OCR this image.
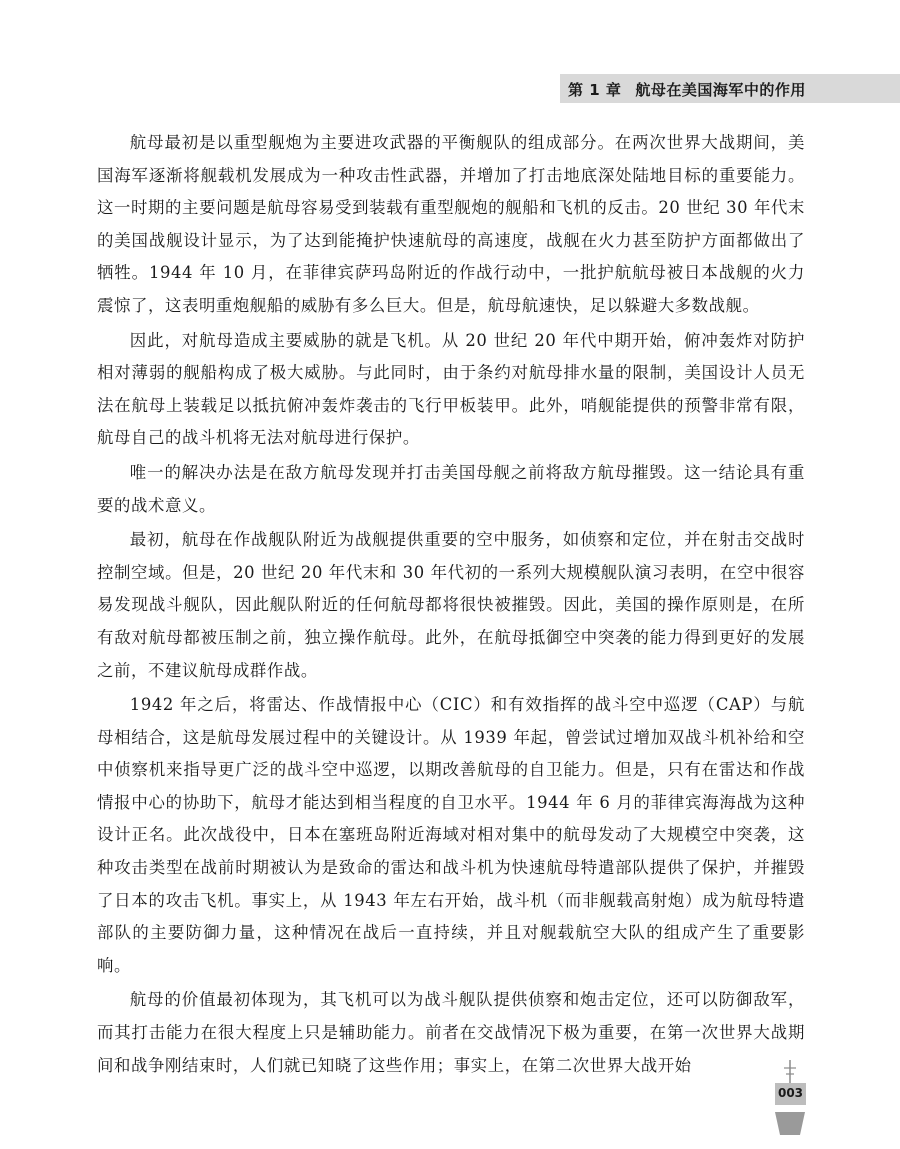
第 1 章 航母在美国海军中的作用

航母最初是以重型舰炮为主要进攻武器的平衡舰队的组成部分。在两次世界大战期间，美国海军逐渐将舰载机发展成为一种攻击性武器，并增加了打击地底深处陆地目标的重要能力。这一时期的主要问题是航母容易受到装载有重型舰炮的舰船和飞机的反击。20 世纪 30 年代末的美国战舰设计显示，为了达到能掩护快速航母的高速度，战舰在火力甚至防护方面都做出了牺牲。1944 年 10 月，在菲律宾萨玛岛附近的作战行动中，一批护航航母被日本战舰的火力震惊了，这表明重炮舰船的威胁有多么巨大。但是，航母航速快，足以躲避大多数战舰。

因此，对航母造成主要威胁的就是飞机。从 20 世纪 20 年代中期开始，俯冲轰炸对防护相对薄弱的舰船构成了极大威胁。与此同时，由于条约对航母排水量的限制，美国设计人员无法在航母上装载足以抵抗俯冲轰炸袭击的飞行甲板装甲。此外，哨舰能提供的预警非常有限，航母自己的战斗机将无法对航母进行保护。

唯一的解决办法是在敌方航母发现并打击美国母舰之前将敌方航母摧毁。这一结论具有重要的战术意义。

最初，航母在作战舰队附近为战舰提供重要的空中服务，如侦察和定位，并在射击交战时控制空域。但是，20 世纪 20 年代末和 30 年代初的一系列大规模舰队演习表明，在空中很容易发现战斗舰队，因此舰队附近的任何航母都将很快被摧毁。因此，美国的操作原则是，在所有敌对航母都被压制之前，独立操作航母。此外，在航母抵御空中突袭的能力得到更好的发展之前，不建议航母成群作战。

1942 年之后，将雷达、作战情报中心（CIC）和有效指挥的战斗空中巡逻（CAP）与航母相结合，这是航母发展过程中的关键设计。从 1939 年起，曾尝试过增加双战斗机补给和空中侦察机来指导更广泛的战斗空中巡逻，以期改善航母的自卫能力。但是，只有在雷达和作战情报中心的协助下，航母才能达到相当程度的自卫水平。1944 年 6 月的菲律宾海海战为这种设计正名。此次战役中，日本在塞班岛附近海域对相对集中的航母发动了大规模空中突袭，这种攻击类型在战前时期被认为是致命的雷达和战斗机为快速航母特遣部队提供了保护，并摧毁了日本的攻击飞机。事实上，从 1943 年左右开始，战斗机（而非舰载高射炮）成为航母特遣部队的主要防御力量，这种情况在战后一直持续，并且对舰载航空大队的组成产生了重要影响。

航母的价值最初体现为，其飞机可以为战斗舰队提供侦察和炮击定位，还可以防御敌军，而其打击能力在很大程度上只是辅助能力。前者在交战情况下极为重要，在第一次世界大战期间和战争刚结束时，人们就已知晓了这些作用；事实上，在第二次世界大战开始

003
